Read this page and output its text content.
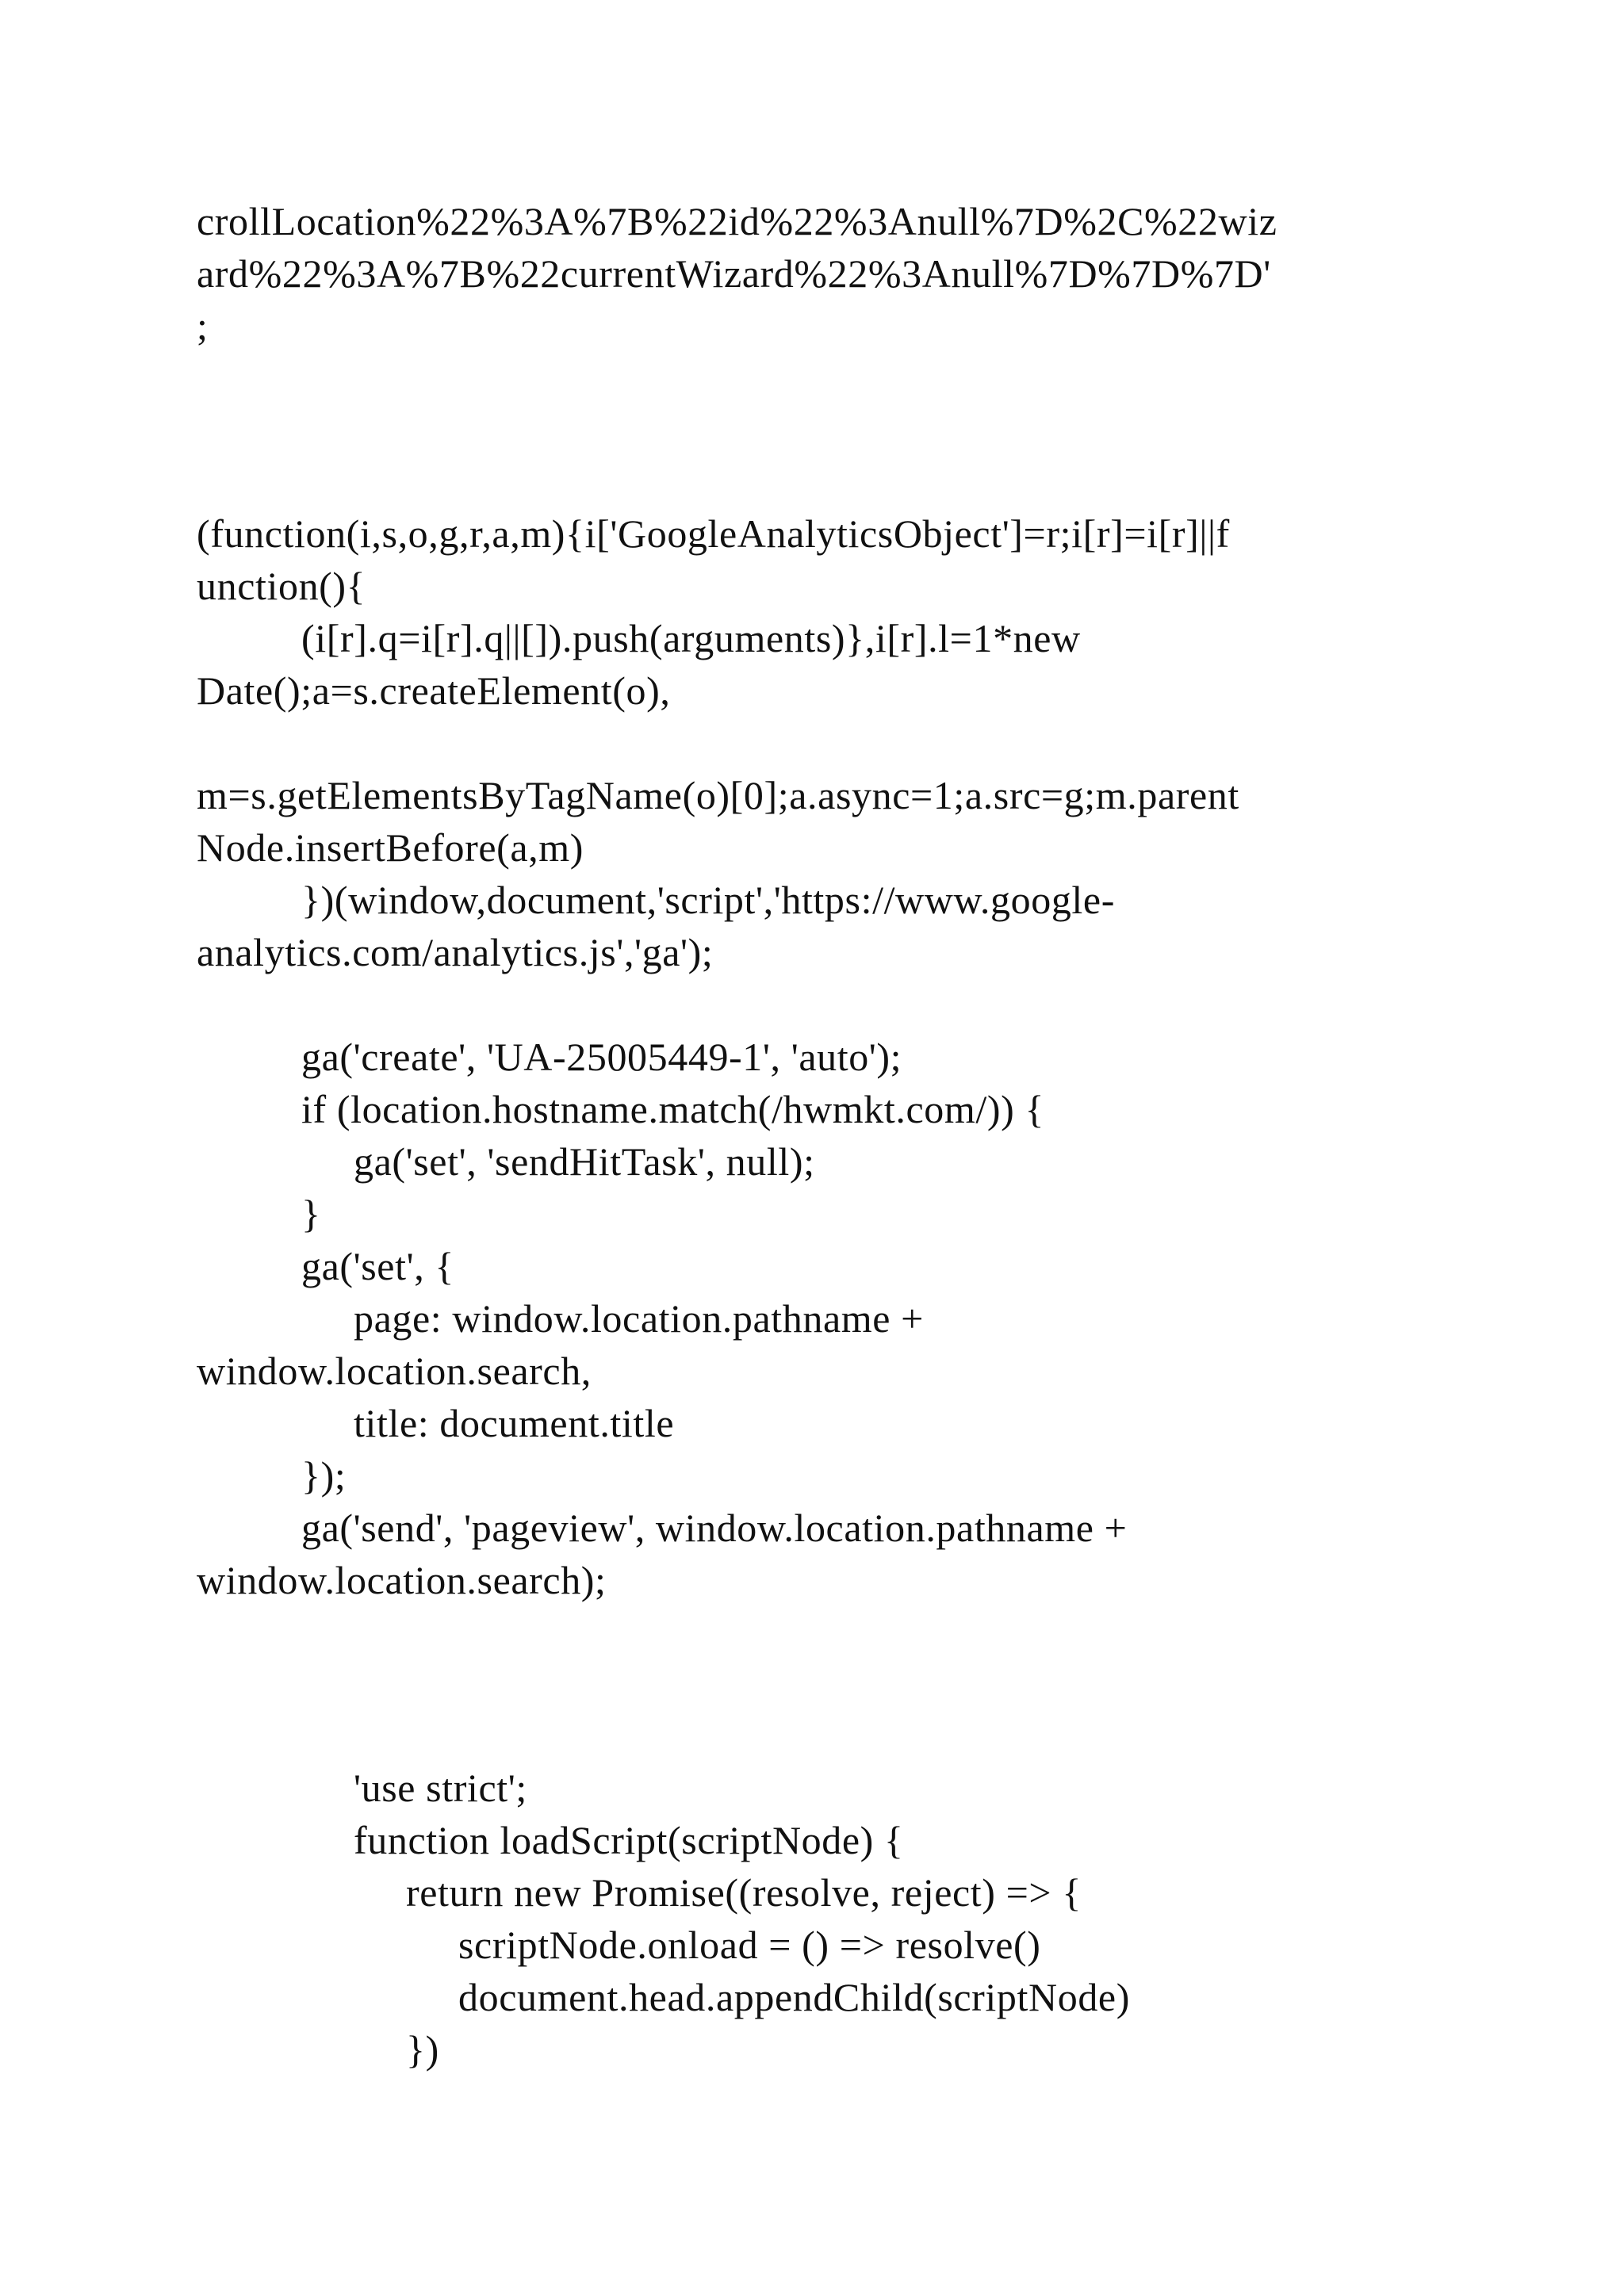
crollLocation%22%3A%7B%22id%22%3Anull%7D%2C%22wiz
ard%22%3A%7B%22currentWizard%22%3Anull%7D%7D%7D'
;
(function(i,s,o,g,r,a,m){i['GoogleAnalyticsObject']=r;i[r]=i[r]||f
unction(){
(i[r].q=i[r].q||[]).push(arguments)},i[r].l=1*new
Date();a=s.createElement(o),
m=s.getElementsByTagName(o)[0];a.async=1;a.src=g;m.parent
Node.insertBefore(a,m)
})(window,document,'script','https://www.google-
analytics.com/analytics.js','ga');
ga('create', 'UA-25005449-1', 'auto');
if (location.hostname.match(/hwmkt.com/)) {
ga('set', 'sendHitTask', null);
}
ga('set', {
page: window.location.pathname +
window.location.search,
title: document.title
});
ga('send', 'pageview', window.location.pathname +
window.location.search);
'use strict';
function loadScript(scriptNode) {
return new Promise((resolve, reject) => {
scriptNode.onload = () => resolve()
document.head.appendChild(scriptNode)
})
